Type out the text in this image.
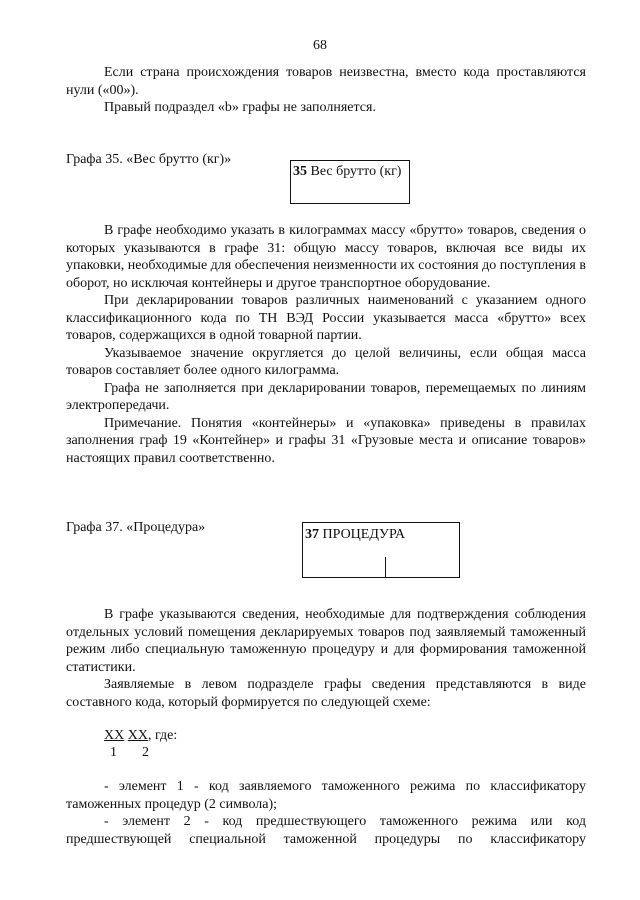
68

Если страна происхождения товаров неизвестна, вместо кода проставляются нули («00»).

Правый подраздел «b» графы не заполняется.

Графа 35. «Вес брутто (кг)»
35 Вес брутто (кг)

В графе необходимо указать в килограммах массу «брутто» товаров, сведения о которых указываются в графе 31: общую массу товаров, включая все виды их упаковки, необходимые для обеспечения неизменности их состояния до поступления в оборот, но исключая контейнеры и другое транспортное оборудование.

При декларировании товаров различных наименований с указанием одного классификационного кода по ТН ВЭД России указывается масса «брутто» всех товаров, содержащихся в одной товарной партии.

Указываемое значение округляется до целой величины, если общая масса товаров составляет более одного килограмма.

Графа не заполняется при декларировании товаров, перемещаемых по линиям электропередачи.

Примечание. Понятия «контейнеры» и «упаковка» приведены в правилах заполнения граф 19 «Контейнер» и графы 31 «Грузовые места и описание товаров» настоящих правил соответственно.

Графа 37. «Процедура»	37 ПРОЦЕДУРА

В графе указываются сведения, необходимые для подтверждения соблюдения отдельных условий помещения декларируемых товаров под заявляемый таможенный режим либо специальную таможенную процедуру и для формирования таможенной статистики.

Заявляемые в левом подразделе графы сведения представляются в виде составного кода, который формируется по следующей схеме:

ХХ ХХ, где:
1 2

- элемент 1 - код заявляемого таможенного режима по классификатору таможенных процедур (2 символа);

- элемент 2 - код предшествующего таможенного режима или код предшествующей специальной таможенной процедуры по классификатору
